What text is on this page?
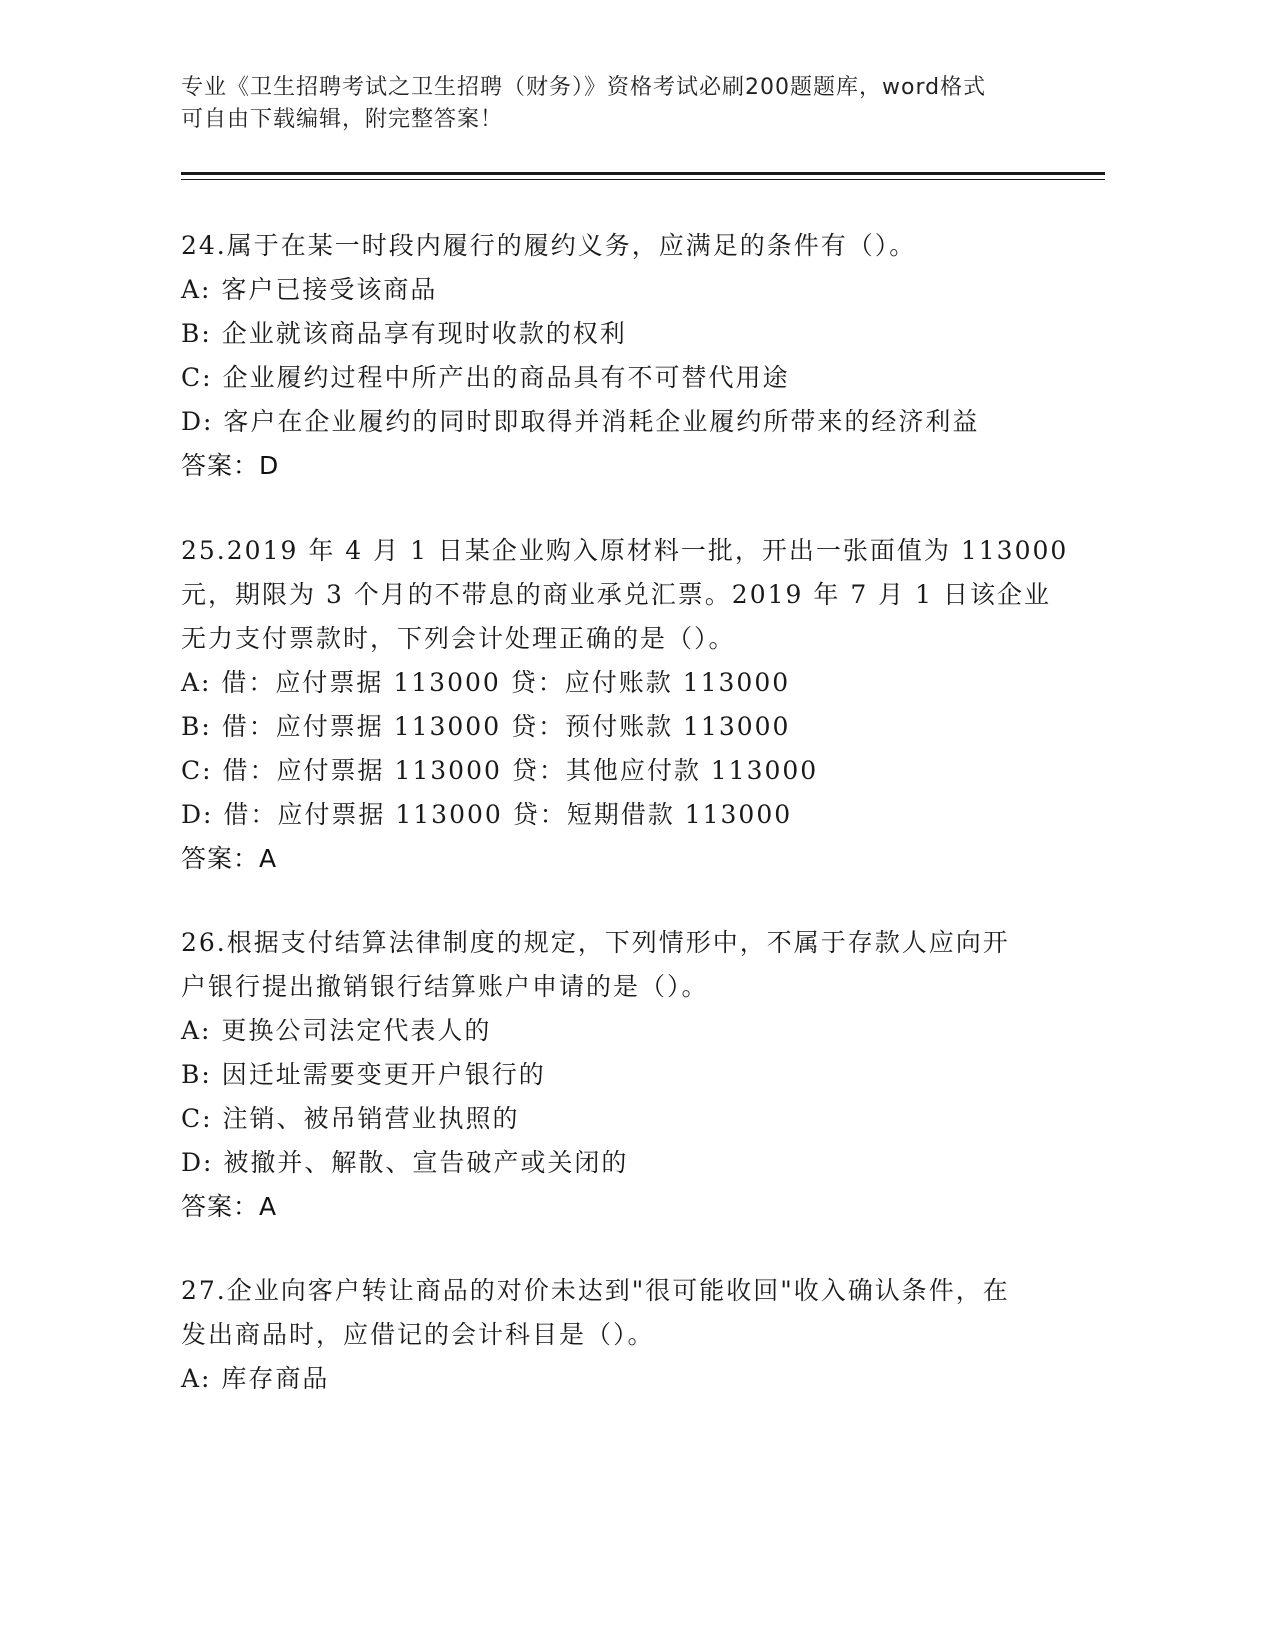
专业《卫生招聘考试之卫生招聘（财务）》资格考试必刷200题题库，word格式
可自由下载编辑，附完整答案！
24.属于在某一时段内履行的履约义务，应满足的条件有（）。
A: 客户已接受该商品
B: 企业就该商品享有现时收款的权利
C: 企业履约过程中所产出的商品具有不可替代用途
D: 客户在企业履约的同时即取得并消耗企业履约所带来的经济利益
答案：D
25.2019 年 4 月 1 日某企业购入原材料一批，开出一张面值为 113000
元，期限为 3 个月的不带息的商业承兑汇票。2019 年 7 月 1 日该企业
无力支付票款时，下列会计处理正确的是（）。
A: 借：应付票据 113000 贷：应付账款 113000
B: 借：应付票据 113000 贷：预付账款 113000
C: 借：应付票据 113000 贷：其他应付款 113000
D: 借：应付票据 113000 贷：短期借款 113000
答案：A
26.根据支付结算法律制度的规定，下列情形中，不属于存款人应向开
户银行提出撤销银行结算账户申请的是（）。
A: 更换公司法定代表人的
B: 因迁址需要变更开户银行的
C: 注销、被吊销营业执照的
D: 被撤并、解散、宣告破产或关闭的
答案：A
27.企业向客户转让商品的对价未达到"很可能收回"收入确认条件，在
发出商品时，应借记的会计科目是（）。
A: 库存商品
